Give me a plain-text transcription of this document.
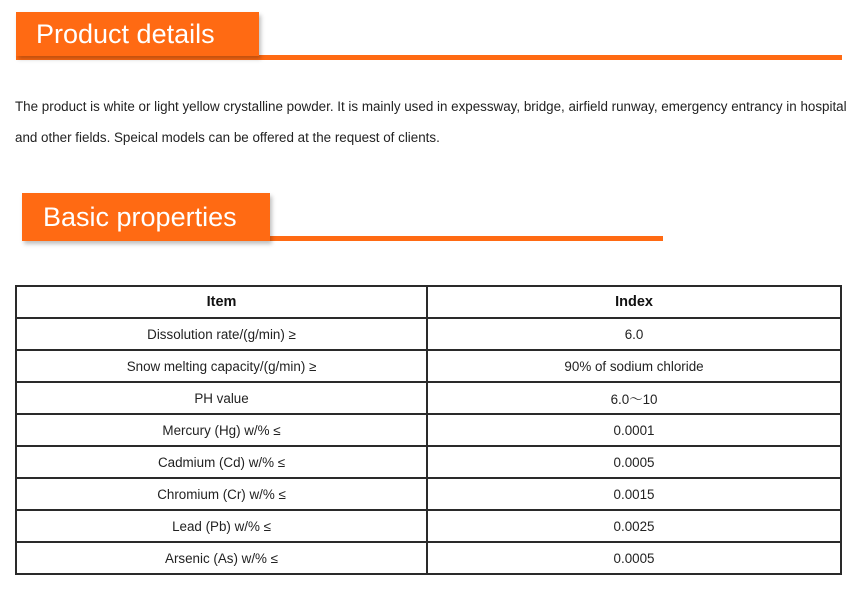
Product details

The product is white or light yellow crystalline powder. It is mainly used in expessway, bridge, airfield runway, emergency entrancy in hospital and other fields. Speical models can be offered at the request of clients.

Basic properties
Item	Index
Dissolution rate/(g/min) ≥	6.0
Snow melting capacity/(g/min) ≥	90% of sodium chloride
PH value	6.0～10
Mercury (Hg) w/% ≤	0.0001
Cadmium (Cd) w/% ≤	0.0005
Chromium (Cr) w/% ≤	0.0015
Lead (Pb) w/% ≤	0.0025
Arsenic (As) w/% ≤	0.0005
